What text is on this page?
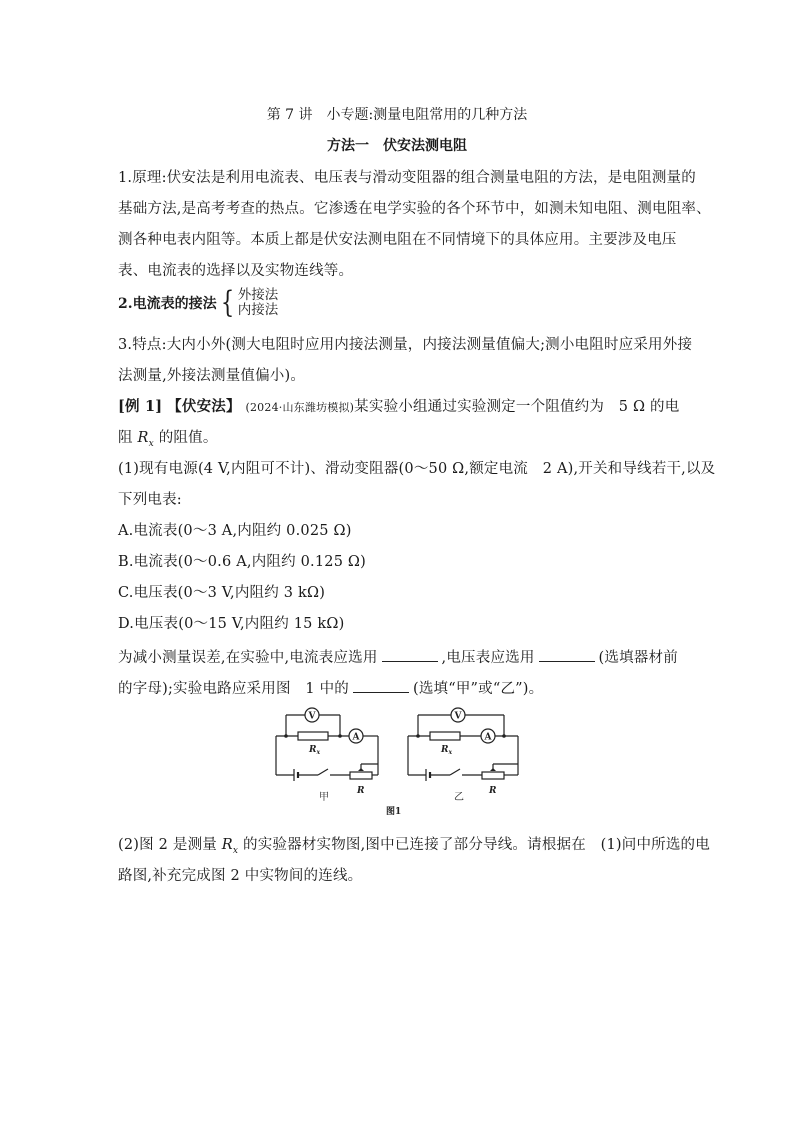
第 7 讲　小专题:测量电阻常用的几种方法
方法一　伏安法测电阻
1.原理:伏安法是利用电流表、电压表与滑动变阻器的组合测量电阻的方法，是电阻测量的
基础方法,是高考考查的热点。它渗透在电学实验的各个环节中，如测未知电阻、测电阻率、
测各种电表内阻等。本质上都是伏安法测电阻在不同情境下的具体应用。主要涉及电压
表、电流表的选择以及实物连线等。
2.电流表的接法 { 外接法
内接法
3.特点:大内小外(测大电阻时应用内接法测量，内接法测量值偏大;测小电阻时应采用外接
法测量,外接法测量值偏小)。
[例 1] 【伏安法】 (2024·山东潍坊模拟)某实验小组通过实验测定一个阻值约为　5 Ω 的电
阻 $R_x$ 的阻值。
(1)现有电源(4 V,内阻可不计)、滑动变阻器(0～50 Ω,额定电流　2 A),开关和导线若干,以及
下列电表:
A.电流表(0～3 A,内阻约 0.025 Ω)
B.电流表(0～0.6 A,内阻约 0.125 Ω)
C.电压表(0～3 V,内阻约 3 kΩ)
D.电压表(0～15 V,内阻约 15 kΩ)
为减小测量误差,在实验中,电流表应选用	,电压表应选用	(选填器材前
的字母);实验电路应采用图　1 中的	(选填“甲”或“乙”)。
V
A
V
A
$R_x$	$R_x$
R	R
甲	乙
图1
(2)图 2 是测量 $R_x$ 的实验器材实物图,图中已连接了部分导线。请根据在　(1)问中所选的电
路图,补充完成图 2 中实物间的连线。
